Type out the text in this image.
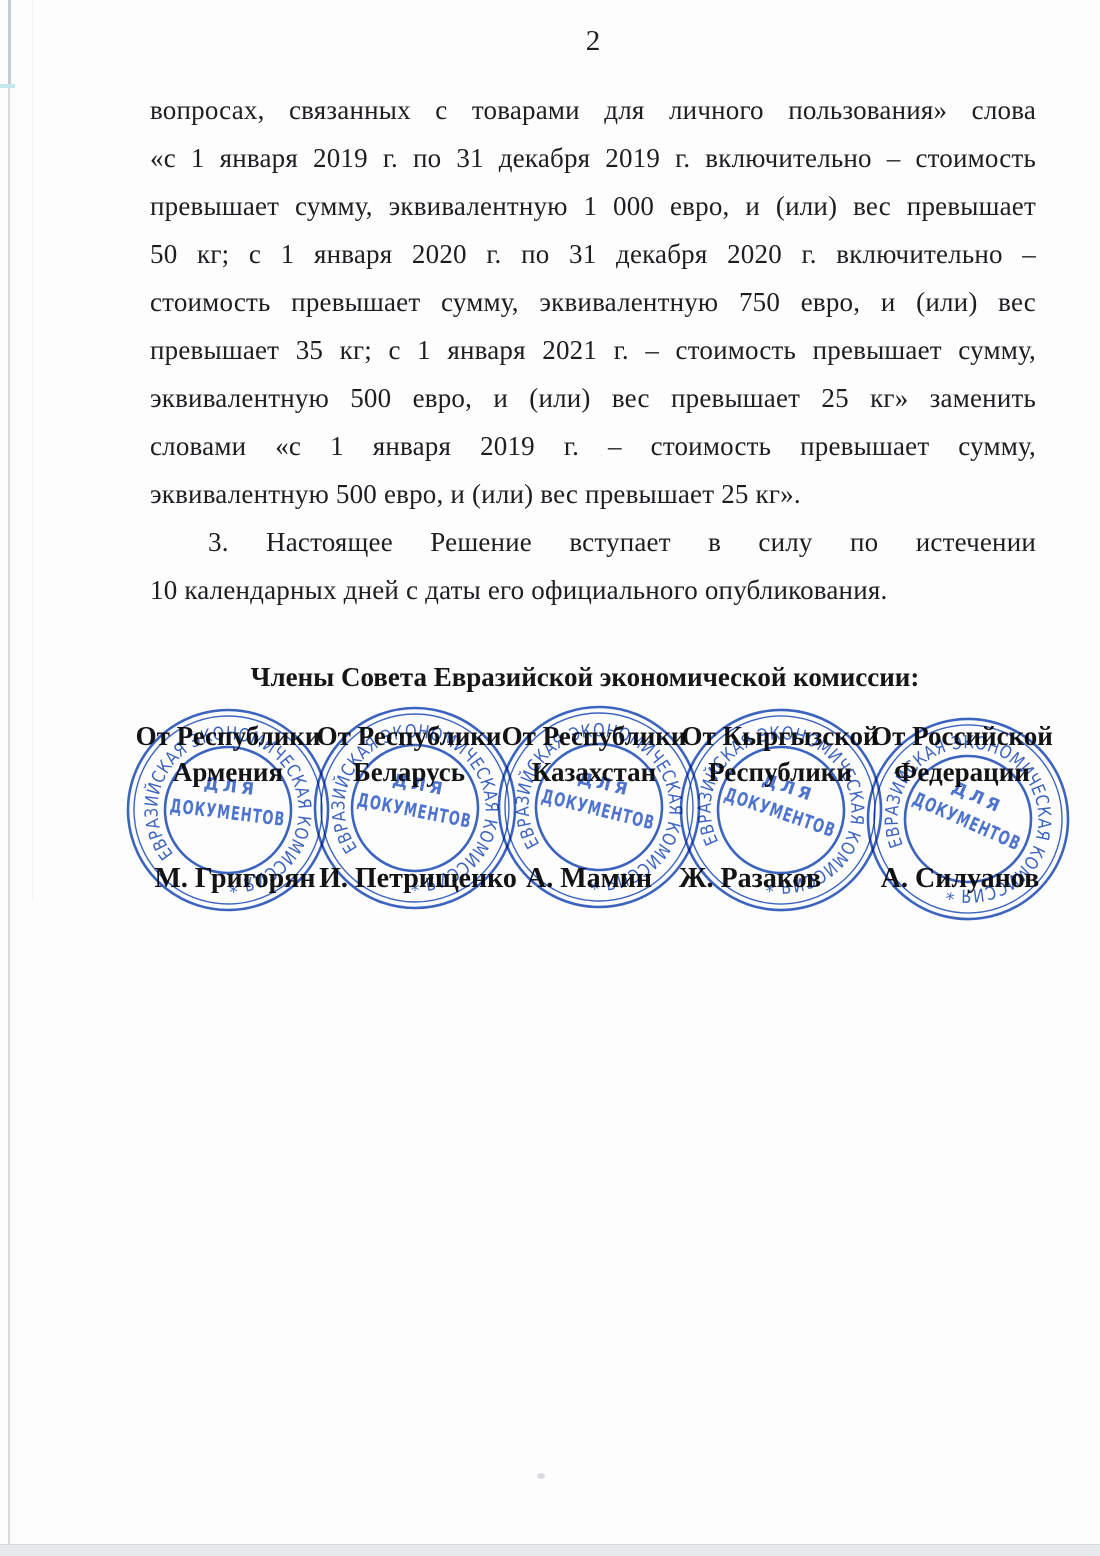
2
вопросах, связанных с товарами для личного пользования» слова
«с 1 января 2019 г. по 31 декабря 2019 г. включительно – стоимость
превышает сумму, эквивалентную 1 000 евро, и (или) вес превышает
50 кг; с 1 января 2020 г. по 31 декабря 2020 г. включительно –
стоимость превышает сумму, эквивалентную 750 евро, и (или) вес
превышает 35 кг; с 1 января 2021 г. – стоимость превышает сумму,
эквивалентную 500 евро, и (или) вес превышает 25 кг» заменить
словами «с 1 января 2019 г. – стоимость превышает сумму,
эквивалентную 500 евро, и (или) вес превышает 25 кг».
3. Настоящее Решение вступает в силу по истечении
10 календарных дней с даты его официального опубликования.
Члены Совета Евразийской экономической комиссии:
От Республики
Армения
От Республики
Беларусь
От Республики
Казахстан
От Кыргызской
Республики
От Российской
Федерации
М. Григорян И. Петрищенко А. Мамин Ж. Разаков	А. Силуанов
